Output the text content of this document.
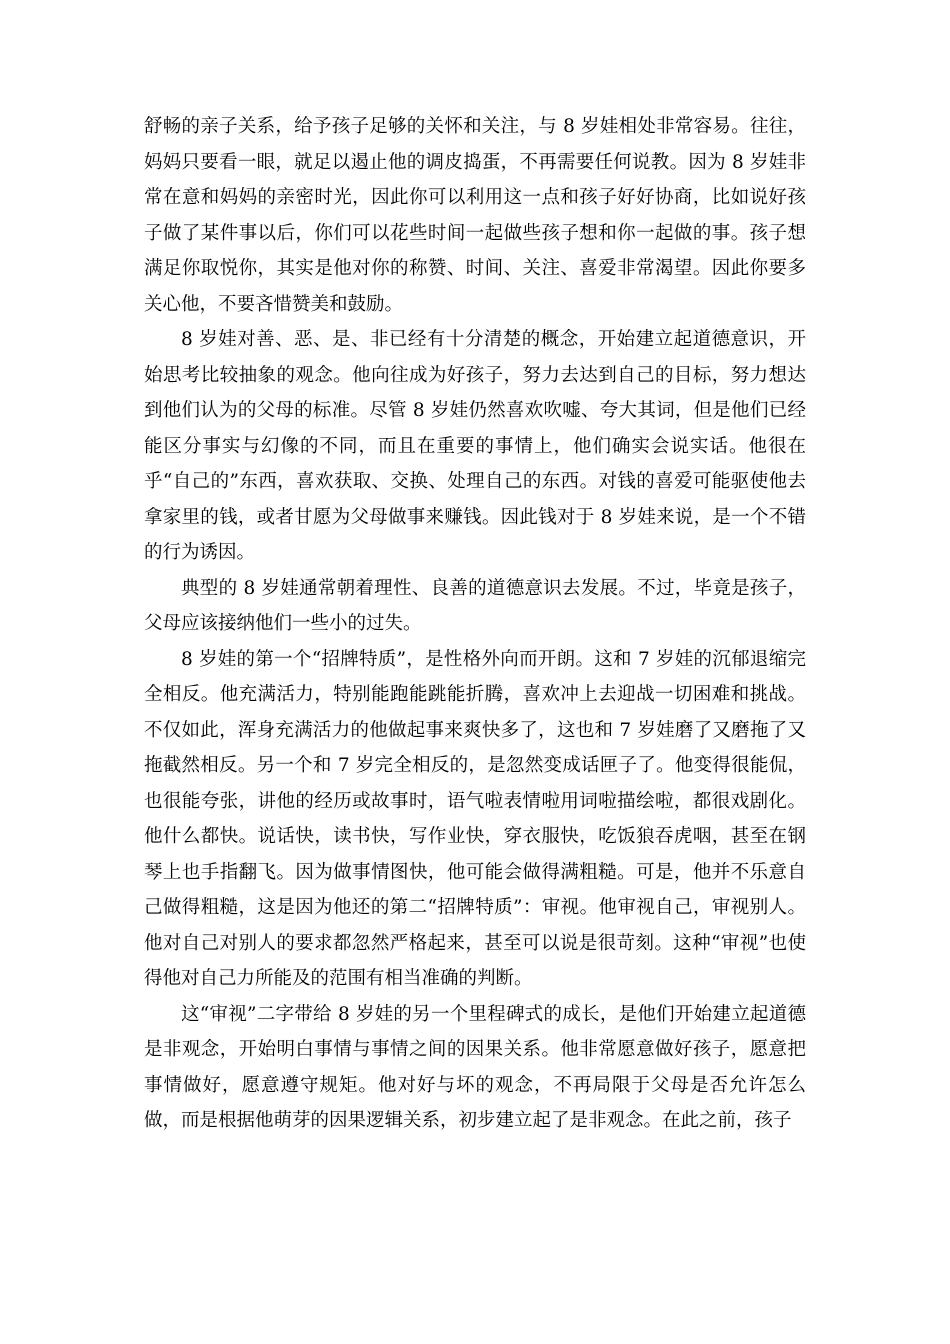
舒畅的亲子关系，给予孩子足够的关怀和关注，与 8 岁娃相处非常容易。往往，妈妈只要看一眼，就足以遏止他的调皮捣蛋，不再需要任何说教。因为 8 岁娃非常在意和妈妈的亲密时光，因此你可以利用这一点和孩子好好协商，比如说好孩子做了某件事以后，你们可以花些时间一起做些孩子想和你一起做的事。孩子想满足你取悦你，其实是他对你的称赞、时间、关注、喜爱非常渴望。因此你要多关心他，不要吝惜赞美和鼓励。

8 岁娃对善、恶、是、非已经有十分清楚的概念，开始建立起道德意识，开始思考比较抽象的观念。他向往成为好孩子，努力去达到自己的目标，努力想达到他们认为的父母的标准。尽管 8 岁娃仍然喜欢吹嘘、夸大其词，但是他们已经能区分事实与幻像的不同，而且在重要的事情上，他们确实会说实话。他很在乎“自己的”东西，喜欢获取、交换、处理自己的东西。对钱的喜爱可能驱使他去拿家里的钱，或者甘愿为父母做事来赚钱。因此钱对于 8 岁娃来说，是一个不错的行为诱因。

典型的 8 岁娃通常朝着理性、良善的道德意识去发展。不过，毕竟是孩子，父母应该接纳他们一些小的过失。

8 岁娃的第一个“招牌特质”，是性格外向而开朗。这和 7 岁娃的沉郁退缩完全相反。他充满活力，特别能跑能跳能折腾，喜欢冲上去迎战一切困难和挑战。不仅如此，浑身充满活力的他做起事来爽快多了，这也和 7 岁娃磨了又磨拖了又拖截然相反。另一个和 7 岁完全相反的，是忽然变成话匣子了。他变得很能侃，也很能夸张，讲他的经历或故事时，语气啦表情啦用词啦描绘啦，都很戏剧化。他什么都快。说话快，读书快，写作业快，穿衣服快，吃饭狼吞虎咽，甚至在钢琴上也手指翻飞。因为做事情图快，他可能会做得满粗糙。可是，他并不乐意自己做得粗糙，这是因为他还的第二“招牌特质”：审视。他审视自己，审视别人。他对自己对别人的要求都忽然严格起来，甚至可以说是很苛刻。这种“审视”也使得他对自己力所能及的范围有相当准确的判断。

这“审视”二字带给 8 岁娃的另一个里程碑式的成长，是他们开始建立起道德是非观念，开始明白事情与事情之间的因果关系。他非常愿意做好孩子，愿意把事情做好，愿意遵守规矩。他对好与坏的观念，不再局限于父母是否允许怎么做，而是根据他萌芽的因果逻辑关系，初步建立起了是非观念。在此之前，孩子
